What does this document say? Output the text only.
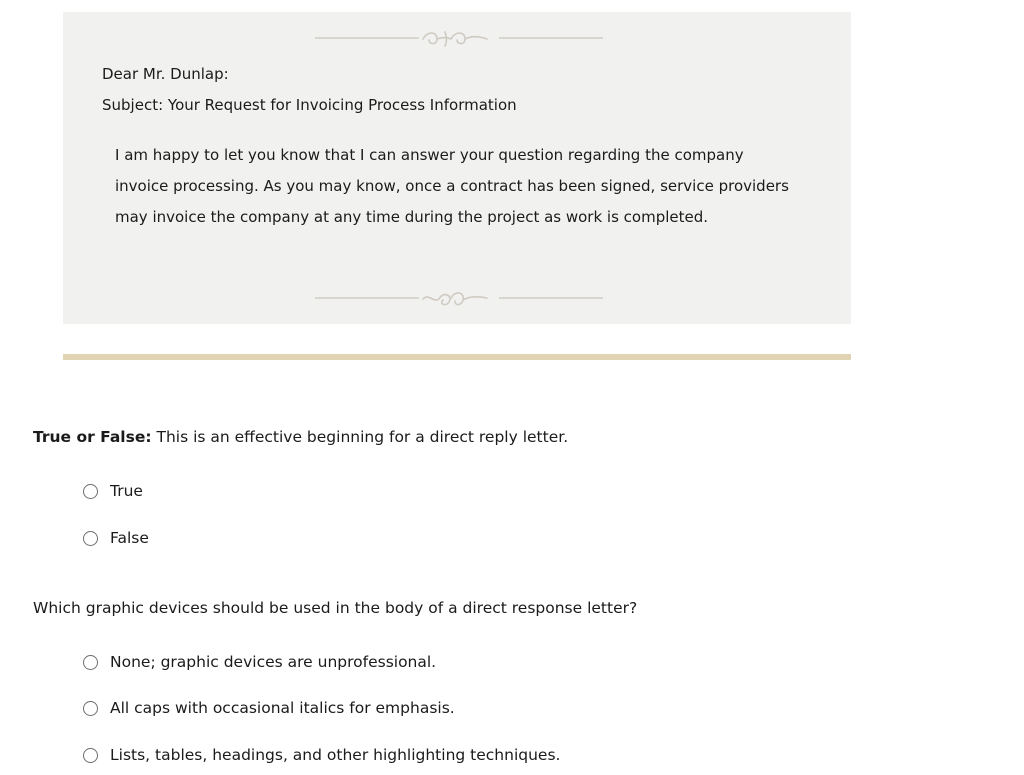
Dear Mr. Dunlap:

Subject: Your Request for Invoicing Process Information

I am happy to let you know that I can answer your question regarding the company invoice processing. As you may know, once a contract has been signed, service providers may invoice the company at any time during the project as work is completed.

True or False: This is an effective beginning for a direct reply letter.

True
False

Which graphic devices should be used in the body of a direct response letter?

None; graphic devices are unprofessional.
All caps with occasional italics for emphasis.
Lists, tables, headings, and other highlighting techniques.
